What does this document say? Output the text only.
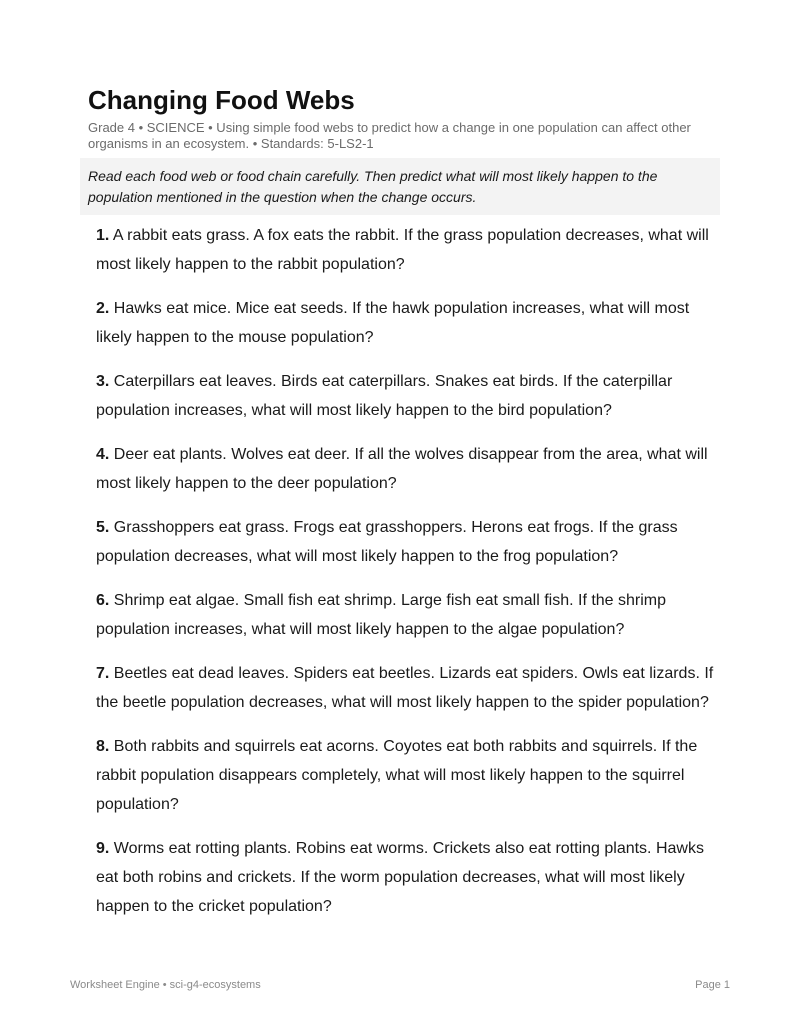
Changing Food Webs

Grade 4 • SCIENCE • Using simple food webs to predict how a change in one population can affect other organisms in an ecosystem. • Standards: 5-LS2-1

Read each food web or food chain carefully. Then predict what will most likely happen to the population mentioned in the question when the change occurs.
1. A rabbit eats grass. A fox eats the rabbit. If the grass population decreases, what will most likely happen to the rabbit population?
2. Hawks eat mice. Mice eat seeds. If the hawk population increases, what will most likely happen to the mouse population?
3. Caterpillars eat leaves. Birds eat caterpillars. Snakes eat birds. If the caterpillar population increases, what will most likely happen to the bird population?
4. Deer eat plants. Wolves eat deer. If all the wolves disappear from the area, what will most likely happen to the deer population?
5. Grasshoppers eat grass. Frogs eat grasshoppers. Herons eat frogs. If the grass population decreases, what will most likely happen to the frog population?
6. Shrimp eat algae. Small fish eat shrimp. Large fish eat small fish. If the shrimp population increases, what will most likely happen to the algae population?
7. Beetles eat dead leaves. Spiders eat beetles. Lizards eat spiders. Owls eat lizards. If the beetle population decreases, what will most likely happen to the spider population?
8. Both rabbits and squirrels eat acorns. Coyotes eat both rabbits and squirrels. If the rabbit population disappears completely, what will most likely happen to the squirrel population?
9. Worms eat rotting plants. Robins eat worms. Crickets also eat rotting plants. Hawks eat both robins and crickets. If the worm population decreases, what will most likely happen to the cricket population?
Worksheet Engine • sci-g4-ecosystems	Page 1
